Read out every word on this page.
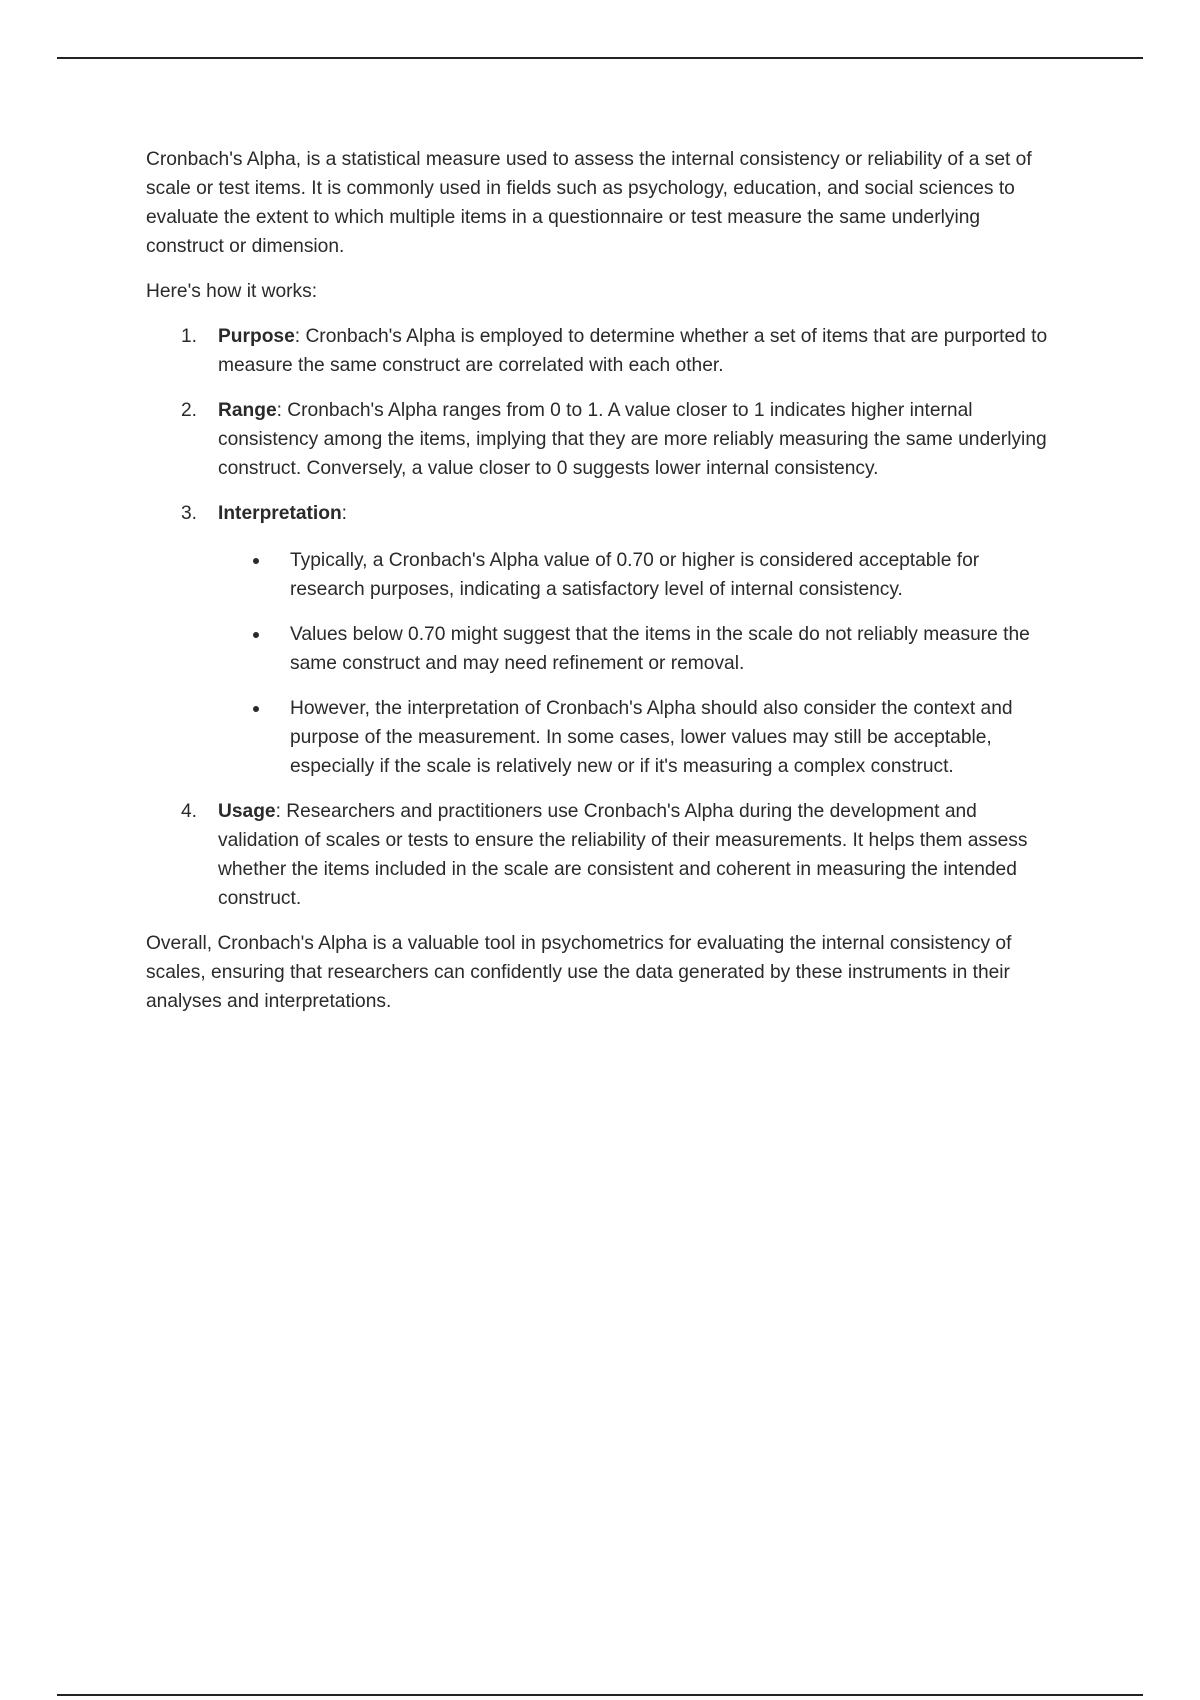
Cronbach's Alpha, is a statistical measure used to assess the internal consistency or reliability of a set of scale or test items. It is commonly used in fields such as psychology, education, and social sciences to evaluate the extent to which multiple items in a questionnaire or test measure the same underlying construct or dimension.

Here's how it works:

1. Purpose: Cronbach's Alpha is employed to determine whether a set of items that are purported to measure the same construct are correlated with each other.
2. Range: Cronbach's Alpha ranges from 0 to 1. A value closer to 1 indicates higher internal consistency among the items, implying that they are more reliably measuring the same underlying construct. Conversely, a value closer to 0 suggests lower internal consistency.
3. Interpretation:
Typically, a Cronbach's Alpha value of 0.70 or higher is considered acceptable for research purposes, indicating a satisfactory level of internal consistency.
Values below 0.70 might suggest that the items in the scale do not reliably measure the same construct and may need refinement or removal.
However, the interpretation of Cronbach's Alpha should also consider the context and purpose of the measurement. In some cases, lower values may still be acceptable, especially if the scale is relatively new or if it's measuring a complex construct.
4. Usage: Researchers and practitioners use Cronbach's Alpha during the development and validation of scales or tests to ensure the reliability of their measurements. It helps them assess whether the items included in the scale are consistent and coherent in measuring the intended construct.

Overall, Cronbach's Alpha is a valuable tool in psychometrics for evaluating the internal consistency of scales, ensuring that researchers can confidently use the data generated by these instruments in their analyses and interpretations.
